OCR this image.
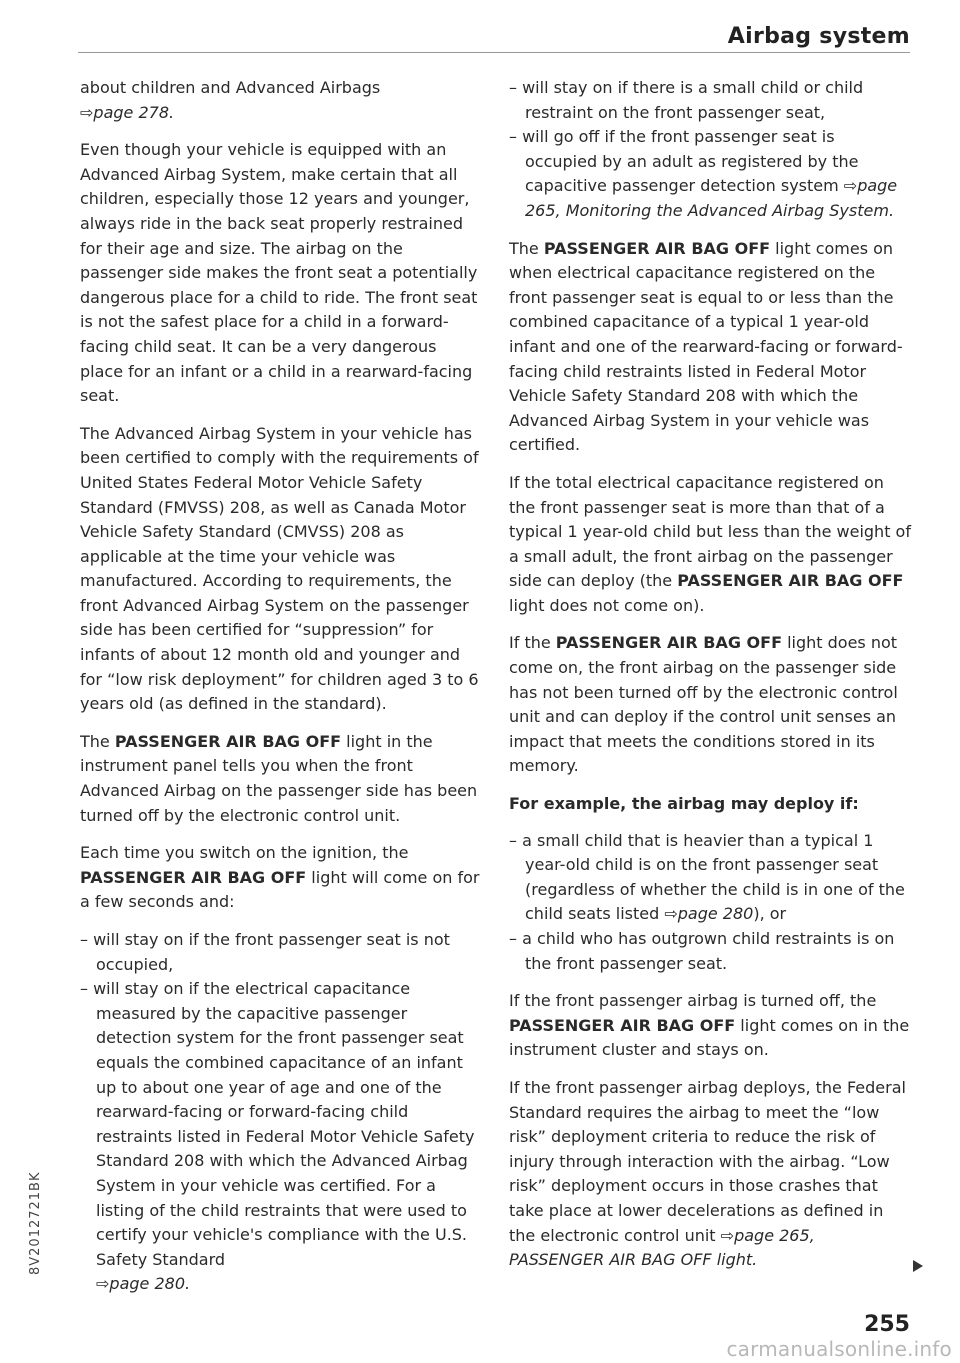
Airbag system

about children and Advanced Airbags
⇨page 278.

Even though your vehicle is equipped with an Advanced Airbag System, make certain that all children, especially those 12 years and younger, always ride in the back seat properly restrained for their age and size. The airbag on the passenger side makes the front seat a potentially dangerous place for a child to ride. The front seat is not the safest place for a child in a forward-facing child seat. It can be a very dangerous place for an infant or a child in a rearward-facing seat.

The Advanced Airbag System in your vehicle has been certified to comply with the requirements of United States Federal Motor Vehicle Safety Standard (FMVSS) 208, as well as Canada Motor Vehicle Safety Standard (CMVSS) 208 as applicable at the time your vehicle was manufactured. According to requirements, the front Advanced Airbag System on the passenger side has been certified for “suppression” for infants of about 12 month old and younger and for “low risk deployment” for children aged 3 to 6 years old (as defined in the standard).

The PASSENGER AIR BAG OFF light in the instrument panel tells you when the front Advanced Airbag on the passenger side has been turned off by the electronic control unit.

Each time you switch on the ignition, the PASSENGER AIR BAG OFF light will come on for a few seconds and:

– will stay on if the front passenger seat is not occupied,
– will stay on if the electrical capacitance measured by the capacitive passenger detection system for the front passenger seat equals the combined capacitance of an infant up to about one year of age and one of the rearward-facing or forward-facing child restraints listed in Federal Motor Vehicle Safety Standard 208 with which the Advanced Airbag System in your vehicle was certified. For a listing of the child restraints that were used to certify your vehicle's compliance with the U.S. Safety Standard
⇨page 280.
– will stay on if there is a small child or child restraint on the front passenger seat,
– will go off if the front passenger seat is occupied by an adult as registered by the capacitive passenger detection system ⇨page 265, Monitoring the Advanced Airbag System.

The PASSENGER AIR BAG OFF light comes on when electrical capacitance registered on the front passenger seat is equal to or less than the combined capacitance of a typical 1 year-old infant and one of the rearward-facing or forward-facing child restraints listed in Federal Motor Vehicle Safety Standard 208 with which the Advanced Airbag System in your vehicle was certified.

If the total electrical capacitance registered on the front passenger seat is more than that of a typical 1 year-old child but less than the weight of a small adult, the front airbag on the passenger side can deploy (the PASSENGER AIR BAG OFF light does not come on).

If the PASSENGER AIR BAG OFF light does not come on, the front airbag on the passenger side has not been turned off by the electronic control unit and can deploy if the control unit senses an impact that meets the conditions stored in its memory.

For example, the airbag may deploy if:

– a small child that is heavier than a typical 1 year-old child is on the front passenger seat (regardless of whether the child is in one of the child seats listed ⇨page 280), or
– a child who has outgrown child restraints is on the front passenger seat.

If the front passenger airbag is turned off, the PASSENGER AIR BAG OFF light comes on in the instrument cluster and stays on.

If the front passenger airbag deploys, the Federal Standard requires the airbag to meet the “low risk” deployment criteria to reduce the risk of injury through interaction with the airbag. “Low risk” deployment occurs in those crashes that take place at lower decelerations as defined in the electronic control unit ⇨page 265, PASSENGER AIR BAG OFF light.

8V2012721BK
255
carmanualsonline.info
